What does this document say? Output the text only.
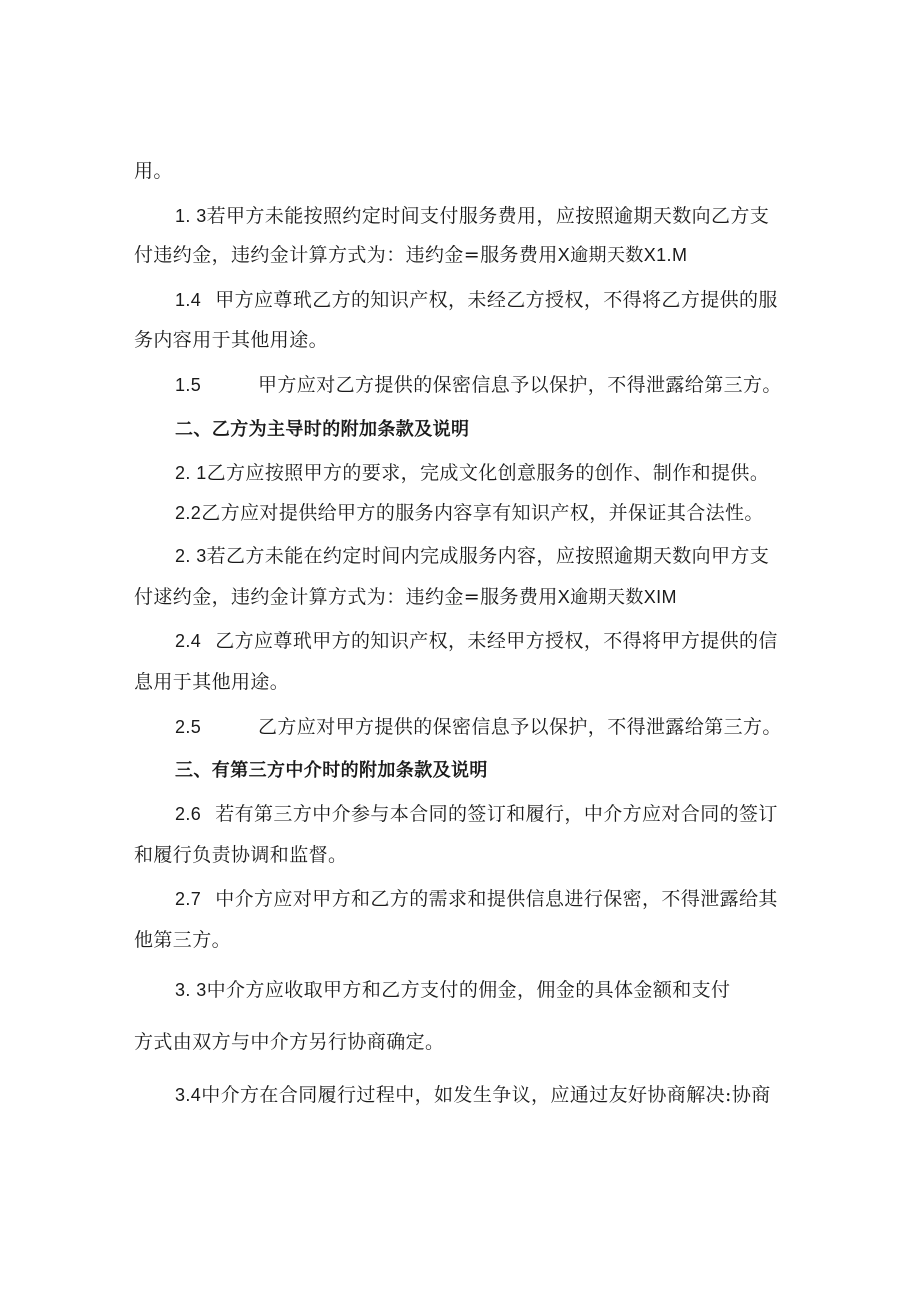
用。
1. 3若甲方未能按照约定时间支付服务费用，应按照逾期天数向乙方支
付违约金，违约金计算方式为：违约金=服务费用X逾期天数X1.M
1.4 甲方应尊玳乙方的知识产权，未经乙方授权，不得将乙方提供的服
务内容用于其他用途。
1.5	甲方应对乙方提供的保密信息予以保护，不得泄露给第三方。
二、乙方为主导时的附加条款及说明
2. 1乙方应按照甲方的要求，完成文化创意服务的创作、制作和提供。
2.2乙方应对提供给甲方的服务内容享有知识产权，并保证其合法性。
2. 3若乙方未能在约定时间内完成服务内容，应按照逾期天数向甲方支
付逑约金，违约金计算方式为：违约金=服务费用X逾期天数XIM
2.4 乙方应尊玳甲方的知识产权，未经甲方授权，不得将甲方提供的信
息用于其他用途。
2.5	乙方应对甲方提供的保密信息予以保护，不得泄露给第三方。
三、有第三方中介时的附加条款及说明
2.6 若有第三方中介参与本合同的签订和履行，中介方应对合同的签订
和履行负责协调和监督。
2.7 中介方应对甲方和乙方的需求和提供信息进行保密，不得泄露给其
他第三方。
3. 3中介方应收取甲方和乙方支付的佣金，佣金的具体金额和支付
方式由双方与中介方另行协商确定。
3.4中介方在合同履行过程中，如发生争议，应通过友好协商解决:协商
